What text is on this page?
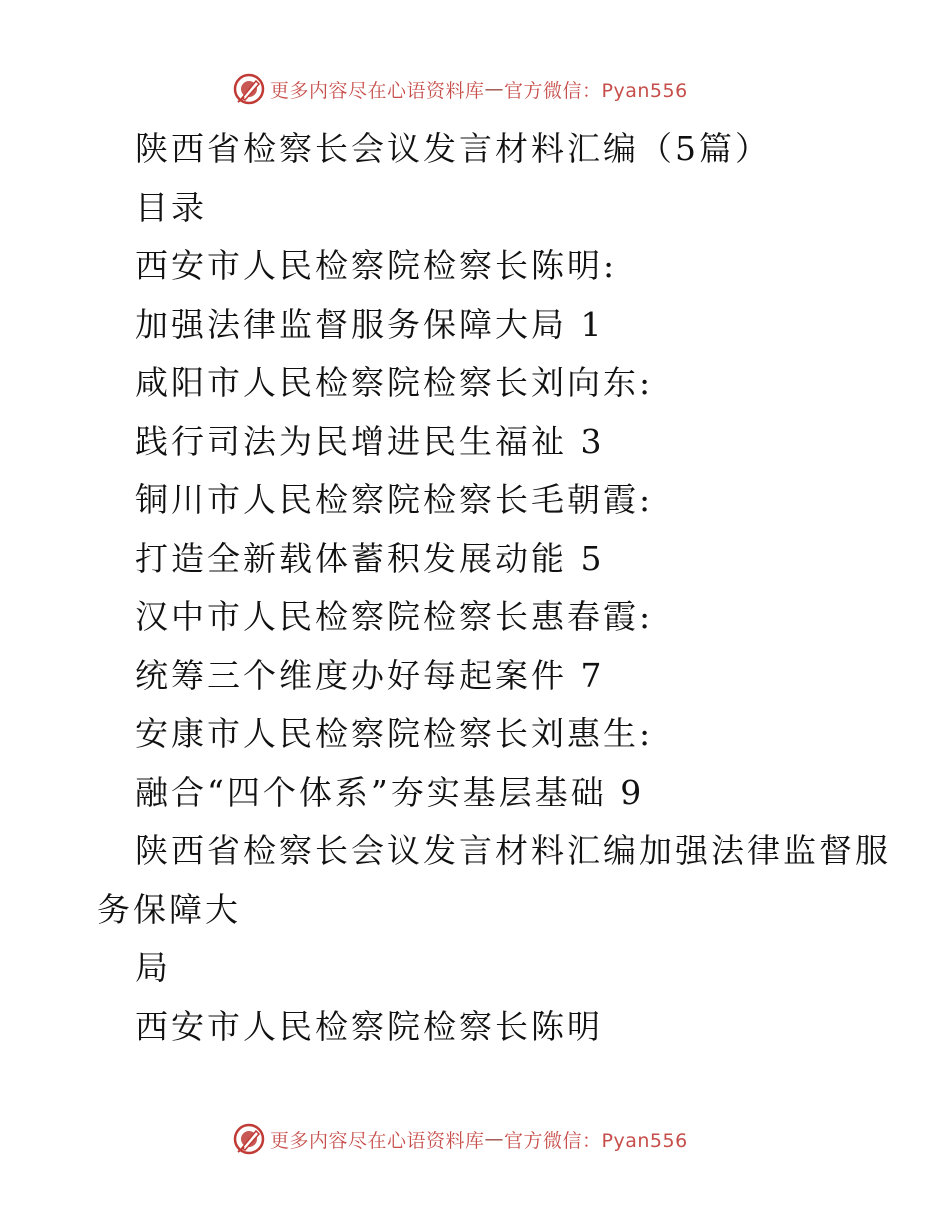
更多内容尽在心语资料库 — 官方微信：Pyan556
陕西省检察长会议发言材料汇编（5篇）
目录
西安市人民检察院检察长陈明:
加强法律监督服务保障大局 1
咸阳市人民检察院检察长刘向东:
践行司法为民增进民生福祉 3
铜川市人民检察院检察长毛朝霞:
打造全新载体蓄积发展动能 5
汉中市人民检察院检察长惠春霞:
统筹三个维度办好每起案件 7
安康市人民检察院检察长刘惠生:
融合“四个体系”夯实基层基础 9
陕西省检察长会议发言材料汇编加强法律监督服
务保障大
局
西安市人民检察院检察长陈明
更多内容尽在心语资料库 — 官方微信：Pyan556
